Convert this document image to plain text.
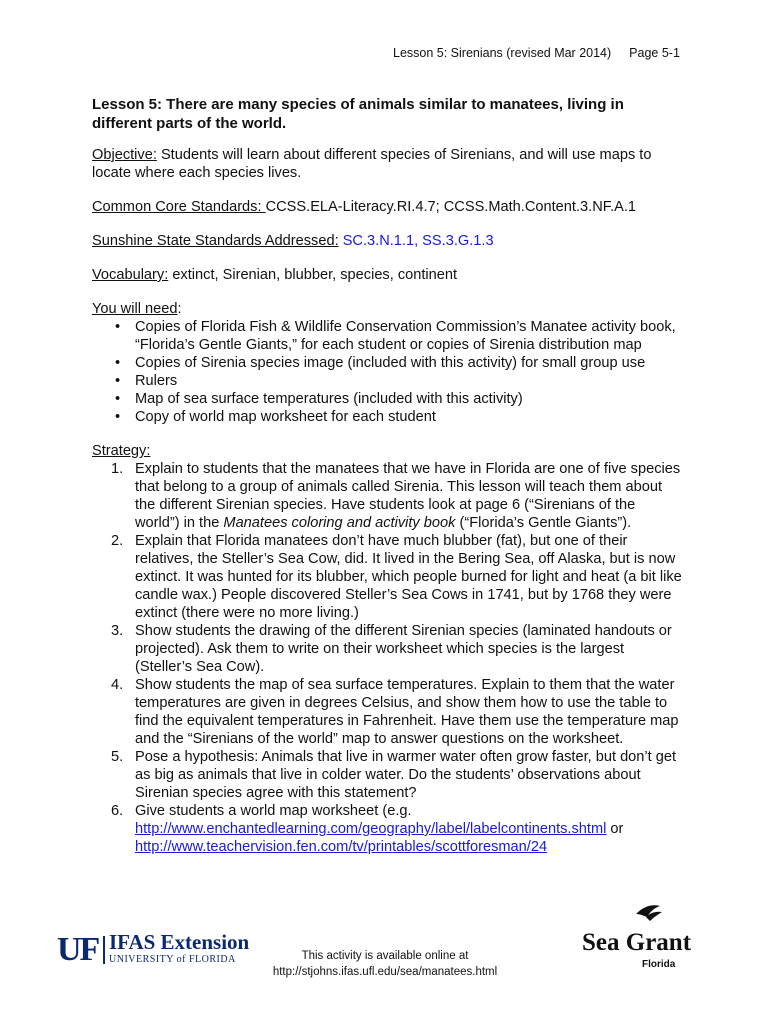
Lesson 5: Sirenians (revised Mar 2014) Page 5-1
Lesson 5: There are many species of animals similar to manatees, living in different parts of the world.
Objective: Students will learn about different species of Sirenians, and will use maps to locate where each species lives.
Common Core Standards: CCSS.ELA-Literacy.RI.4.7; CCSS.Math.Content.3.NF.A.1
Sunshine State Standards Addressed: SC.3.N.1.1, SS.3.G.1.3
Vocabulary: extinct, Sirenian, blubber, species, continent
You will need:
• Copies of Florida Fish & Wildlife Conservation Commission’s Manatee activity book, “Florida’s Gentle Giants,” for each student or copies of Sirenia distribution map
• Copies of Sirenia species image (included with this activity) for small group use
• Rulers
• Map of sea surface temperatures (included with this activity)
• Copy of world map worksheet for each student
Strategy:
1. Explain to students that the manatees that we have in Florida are one of five species that belong to a group of animals called Sirenia. This lesson will teach them about the different Sirenian species. Have students look at page 6 (“Sirenians of the world”) in the Manatees coloring and activity book (“Florida’s Gentle Giants”).
2. Explain that Florida manatees don’t have much blubber (fat), but one of their relatives, the Steller’s Sea Cow, did. It lived in the Bering Sea, off Alaska, but is now extinct. It was hunted for its blubber, which people burned for light and heat (a bit like candle wax.) People discovered Steller’s Sea Cows in 1741, but by 1768 they were extinct (there were no more living.)
3. Show students the drawing of the different Sirenian species (laminated handouts or projected). Ask them to write on their worksheet which species is the largest (Steller’s Sea Cow).
4. Show students the map of sea surface temperatures. Explain to them that the water temperatures are given in degrees Celsius, and show them how to use the table to find the equivalent temperatures in Fahrenheit. Have them use the temperature map and the “Sirenians of the world” map to answer questions on the worksheet.
5. Pose a hypothesis: Animals that live in warmer water often grow faster, but don’t get as big as animals that live in colder water. Do the students’ observations about Sirenian species agree with this statement?
6. Give students a world map worksheet (e.g. http://www.enchantedlearning.com/geography/label/labelcontinents.shtml or http://www.teachervision.fen.com/tv/printables/scottforesman/24
UF IFAS Extension
UNIVERSITY of FLORIDA	This activity is available online at
http://stjohns.ifas.ufl.edu/sea/manatees.html
Sea Grant
Florida
